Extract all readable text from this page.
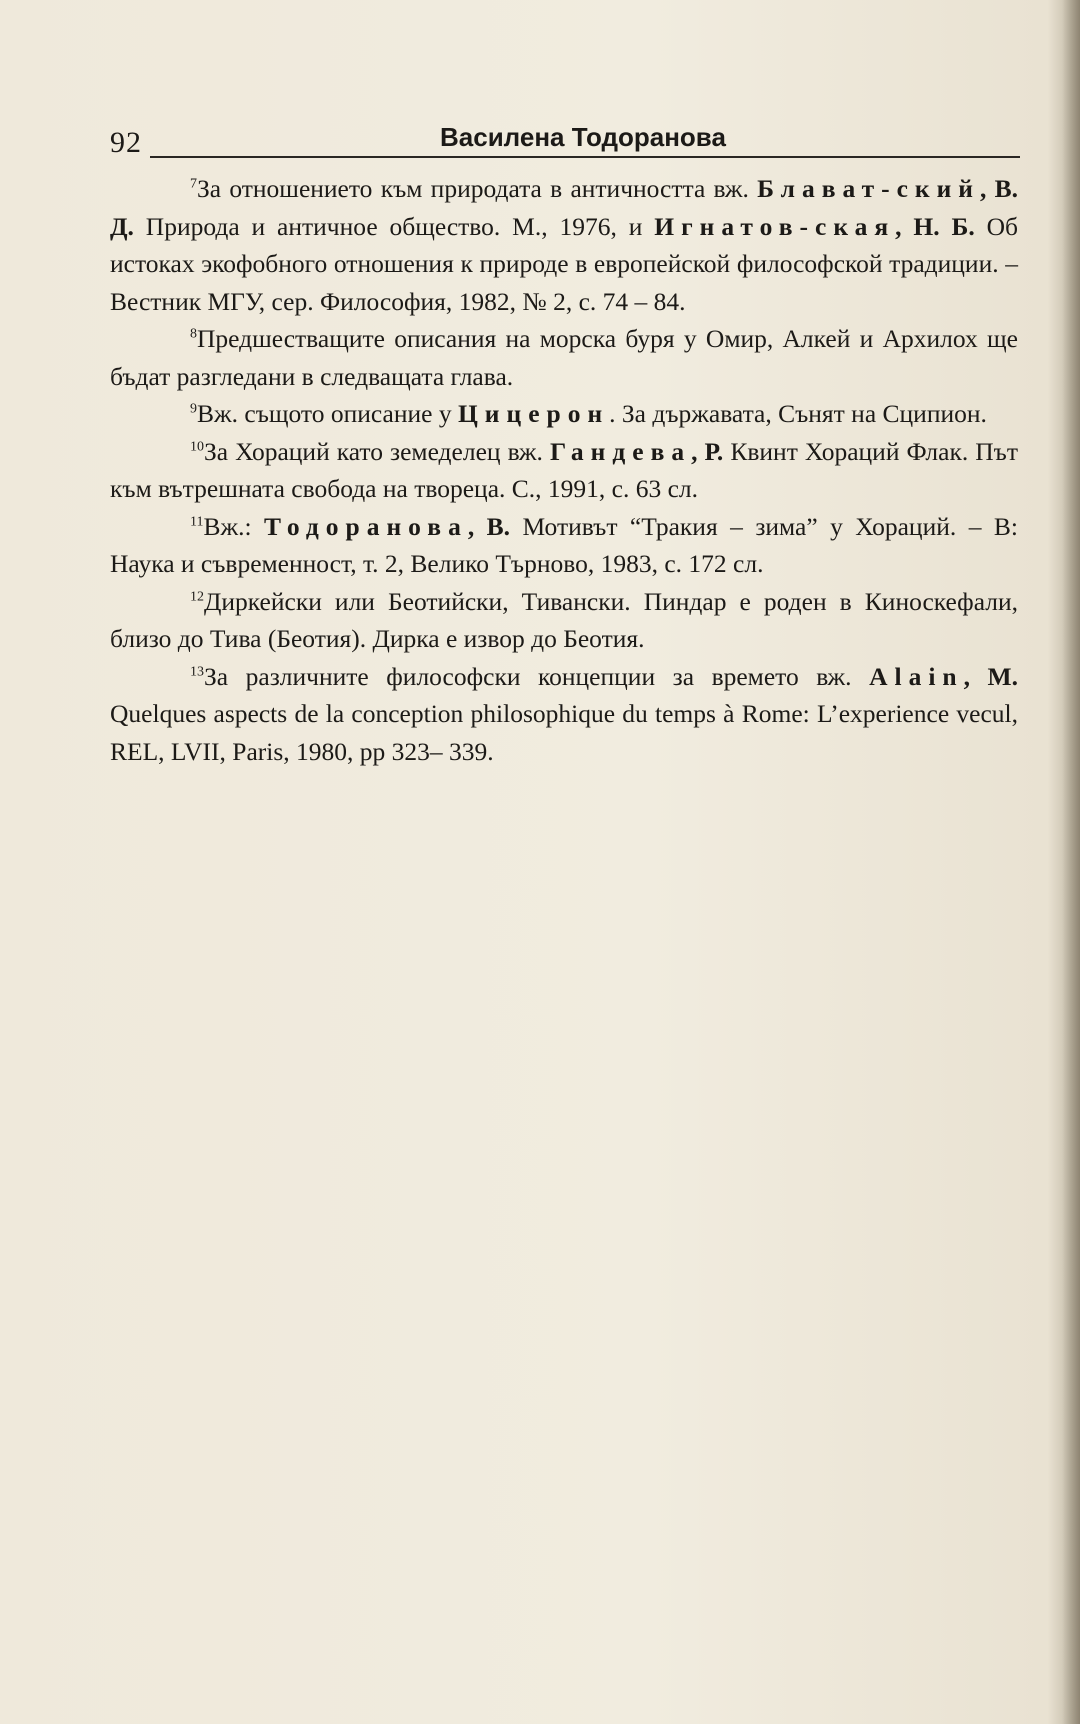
92	Василена Тодоранова

$^7$За отношението към природата в античността вж. Блават-ский, В. Д. Природа и античное общество. М., 1976, и Игнатов-ская, Н. Б. Об истоках экофобного отношения к природе в европейской философской традиции. – Вестник МГУ, сер. Философия, 1982, № 2, с. 74 – 84.

$^8$Предшестващите описания на морска буря у Омир, Алкей и Архилох ще бъдат разгледани в следващата глава.

$^9$Вж. същото описание у Цицерон. За държавата, Сънят на Сципион.

$^{10}$За Хораций като земеделец вж. Гандева, Р. Квинт Хораций Флак. Път към вътрешната свобода на твореца. С., 1991, с. 63 сл.

$^{11}$Вж.: Тодоранова, В. Мотивът “Тракия – зима” у Хораций. – В: Наука и съвременност, т. 2, Велико Търново, 1983, с. 172 сл.

$^{12}$Диркейски или Беотийски, Тивански. Пиндар е роден в Киноскефали, близо до Тива (Беотия). Дирка е извор до Беотия.

$^{13}$За различните философски концепции за времето вж. Alain, M. Quelques aspects de la conception philosophique du temps à Rome: L’experience vecul, REL, LVII, Paris, 1980, pp 323– 339.
